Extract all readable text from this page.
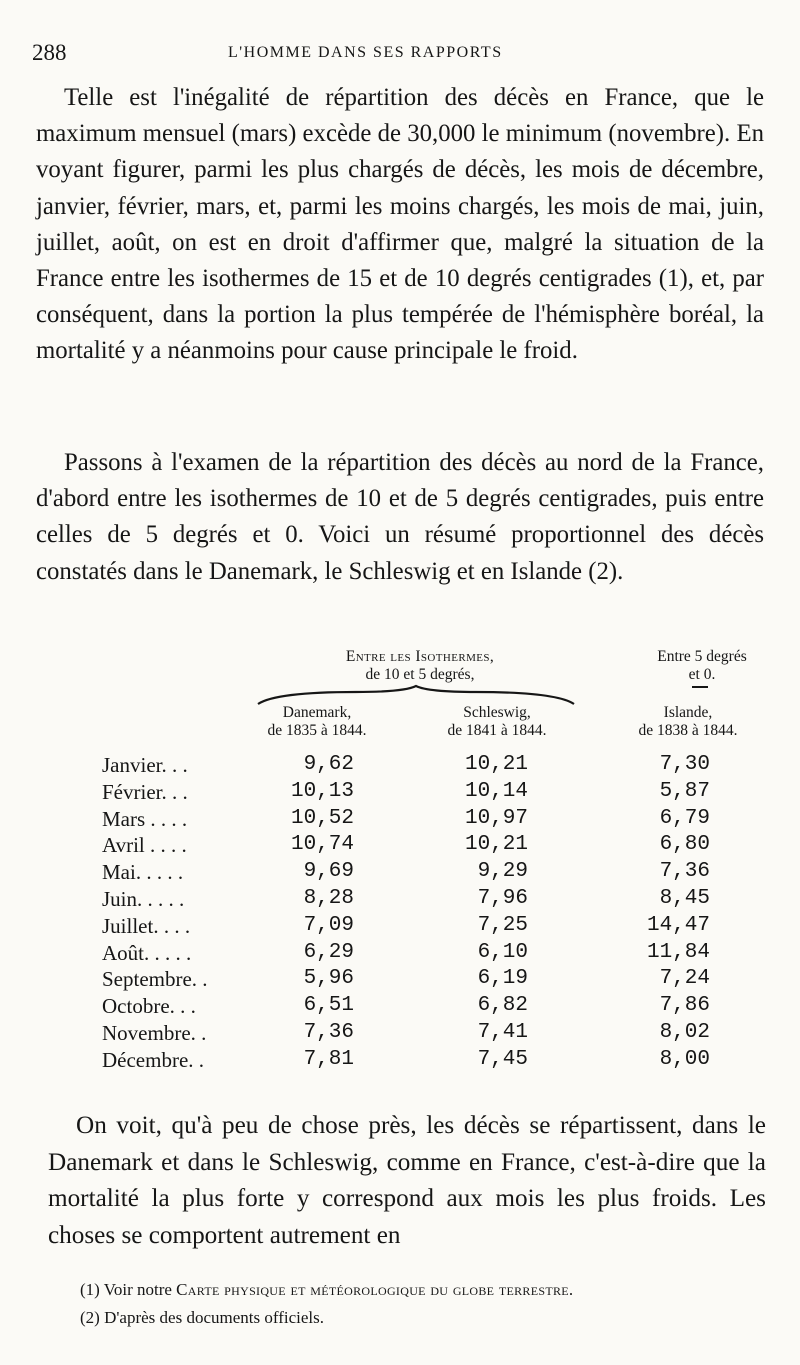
288	L'HOMME DANS SES RAPPORTS

Telle est l'inégalité de répartition des décès en France, que le maximum mensuel (mars) excède de 30,000 le minimum (novembre). En voyant figurer, parmi les plus chargés de décès, les mois de décembre, janvier, février, mars, et, parmi les moins chargés, les mois de mai, juin, juillet, août, on est en droit d'affirmer que, malgré la situation de la France entre les isothermes de 15 et de 10 degrés centigrades (1), et, par conséquent, dans la portion la plus tempérée de l'hémisphère boréal, la mortalité y a néanmoins pour cause principale le froid.

Passons à l'examen de la répartition des décès au nord de la France, d'abord entre les isothermes de 10 et de 5 degrés centigrades, puis entre celles de 5 degrés et 0. Voici un résumé proportionnel des décès constatés dans le Danemark, le Schleswig et en Islande (2).

Entre les Isothermes,
de 10 et 5 degrés,
Entre 5 degrés
et 0.
Danemark,
de 1835 à 1844.
Schleswig,
de 1841 à 1844.
Islande,
de 1838 à 1844.
Janvier. . .	9,62	10,21	7,30
Février. . .	10,13	10,14	5,87
Mars . . . .	10,52	10,97	6,79
Avril . . . .	10,74	10,21	6,80
Mai. . . . .	9,69	9,29	7,36
Juin. . . . .	8,28	7,96	8,45
Juillet. . . .	7,09	7,25	14,47
Août. . . . .	6,29	6,10	11,84
Septembre. .	5,96	6,19	7,24
Octobre. . .	6,51	6,82	7,86
Novembre. .	7,36	7,41	8,02
Décembre. .	7,81	7,45	8,00

On voit, qu'à peu de chose près, les décès se répartissent, dans le Danemark et dans le Schleswig, comme en France, c'est-à-dire que la mortalité la plus forte y correspond aux mois les plus froids. Les choses se comportent autrement en

(1) Voir notre Carte physique et météorologique du globe terrestre.

(2) D'après des documents officiels.
